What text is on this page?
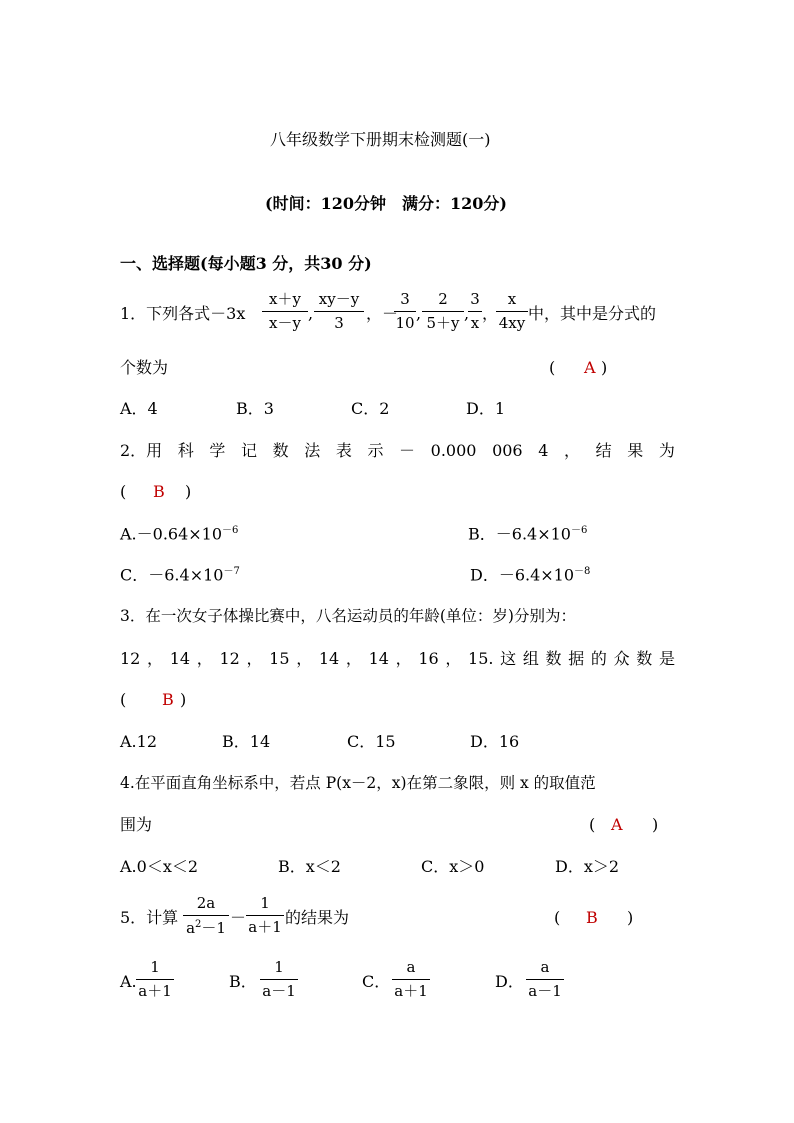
八年级数学下册期末检测题(一)
(时间：120分钟　满分：120分)
一、选择题(每小题3 分，共30 分)
1．下列各式$-3x \frac{x+y}{x-y}$ , $\frac{xy-y}{3}$ ， －
$\frac{3}{10}$ , $\frac{2}{5+y}$ ,
$\frac{3}{x}$ ，
$\frac{x}{4xy}$ 中，其中是分式的
个数为	( A )
A．4	B．3	C．2	D．1
2．用 科 学 记 数 法 表 示 － 0.000 006 4 ， 结 果 为
( B )
$A.-0.64\times 10^{-6}$	B．$-6.4\times 10^{-6}$
C．$-6.4\times 10^{-7}$	D．$-6.4\times 10^{-8}$
3．在一次女子体操比赛中，八名运动员的年龄(单位：岁)分别为：
12 ， 14 ， 12 ， 15 ， 14 ， 14 ， 16 ， 15. 这 组 数 据 的 众 数 是
( B )
A.12	B．14	C．15	D．16
4.在平面直角坐标系中，若点 P(x－2，x)在第二象限，则 x 的取值范
围为	( A )
A.0＜x＜2	B．x＜2	C．x＞0	D．x＞2
5．计算 $\frac{2a}{a^2-1} - \frac{1}{a+1}$ 的结果为	( B )
A. $\frac{1}{a+1}$	B． $\frac{1}{a-1}$	C． $\frac{a}{a+1}$	D． $\frac{a}{a-1}$
